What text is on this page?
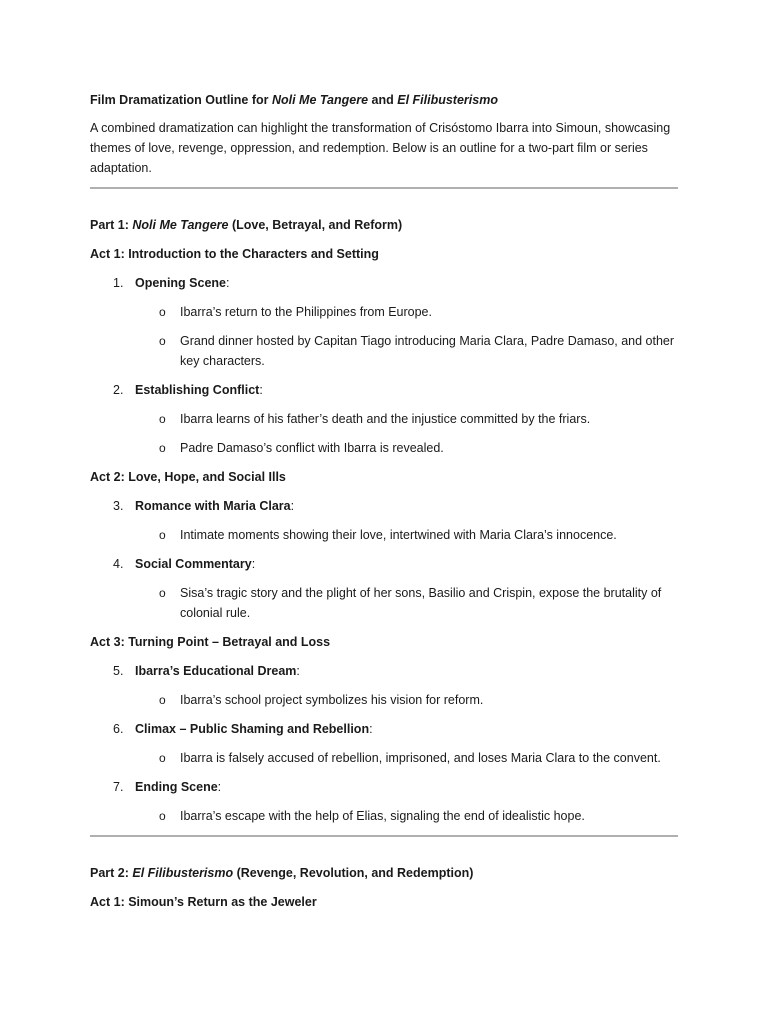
Film Dramatization Outline for Noli Me Tangere and El Filibusterismo

A combined dramatization can highlight the transformation of Crisóstomo Ibarra into Simoun, showcasing themes of love, revenge, oppression, and redemption. Below is an outline for a two-part film or series adaptation.

Part 1: Noli Me Tangere (Love, Betrayal, and Reform)

Act 1: Introduction to the Characters and Setting

1. Opening Scene:
o Ibarra’s return to the Philippines from Europe.
o Grand dinner hosted by Capitan Tiago introducing Maria Clara, Padre Damaso, and other key characters.
2. Establishing Conflict:
o Ibarra learns of his father’s death and the injustice committed by the friars.
o Padre Damaso’s conflict with Ibarra is revealed.

Act 2: Love, Hope, and Social Ills

3. Romance with Maria Clara:
o Intimate moments showing their love, intertwined with Maria Clara’s innocence.
4. Social Commentary:
o Sisa’s tragic story and the plight of her sons, Basilio and Crispin, expose the brutality of colonial rule.

Act 3: Turning Point – Betrayal and Loss

5. Ibarra’s Educational Dream:
o Ibarra’s school project symbolizes his vision for reform.
6. Climax – Public Shaming and Rebellion:
o Ibarra is falsely accused of rebellion, imprisoned, and loses Maria Clara to the convent.
7. Ending Scene:
o Ibarra’s escape with the help of Elias, signaling the end of idealistic hope.

Part 2: El Filibusterismo (Revenge, Revolution, and Redemption)

Act 1: Simoun’s Return as the Jeweler
